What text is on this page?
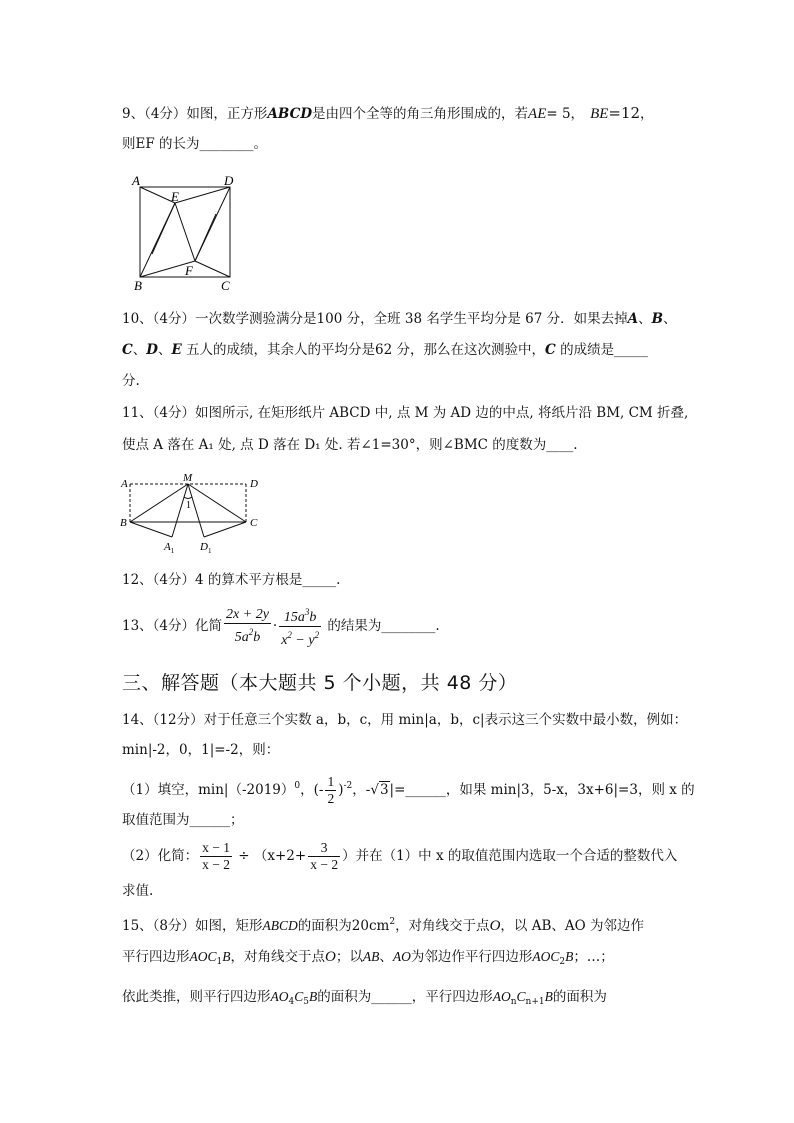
9、（4分）如图，正方形ABCD是由四个全等的角三角形围成的，若AE= 5， BE=12，
则EF 的长为________。
A	D
E
F
B	C
10、（4分）一次数学测验满分是100 分，全班 38 名学生平均分是 67 分．如果去掉A、B、
C、D、E 五人的成绩，其余人的平均分是62 分，那么在这次测验中，C 的成绩是_____
分.
11、（4分）如图所示, 在矩形纸片 ABCD 中, 点 M 为 AD 边的中点, 将纸片沿 BM, CM 折叠,
使点 A 落在 A₁ 处, 点 D 落在 D₁ 处. 若∠1=30°，则∠BMC 的度数为____.
A	M	D
1
B	C
$A_1$ $D_1$
12、（4分）4 的算术平方根是_____.
13、（4分）化简 $\frac{2x + 2y}{5a^2b} \cdot \frac{15a^3b}{x^2 - y^2}$ 的结果为________.
三、解答题（本大题共 5 个小题，共 48 分）
14、（12分）对于任意三个实数 a，b，c，用 min|a，b，c|表示这三个实数中最小数，例如：
min|-2，0，1|=-2，则：
（1）填空，$\min|(-2019)^0$，(- $\frac{1}{2} )^{-2}$，-√3|=______，如果 min|3，5-x，3x+6|=3，则 x 的
取值范围为______；
（2）化简： $\frac{x - 1}{x - 2} \div (x+2+ \frac{3}{x - 2}$ ）并在（1）中 x 的取值范围内选取一个合适的整数代入
求值.
15、（8分）如图，矩形ABCD的面积为$20cm^2$，对角线交于点O，以 AB、AO 为邻边作
平行四边形$AOC_1B$，对角线交于点O；以AB、AO为邻边作平行四边形$AOC_2B$；…；
依此类推，则平行四边形$AO_4C_5B$的面积为______，平行四边形$AO_nC_{n+1}B$的面积为
